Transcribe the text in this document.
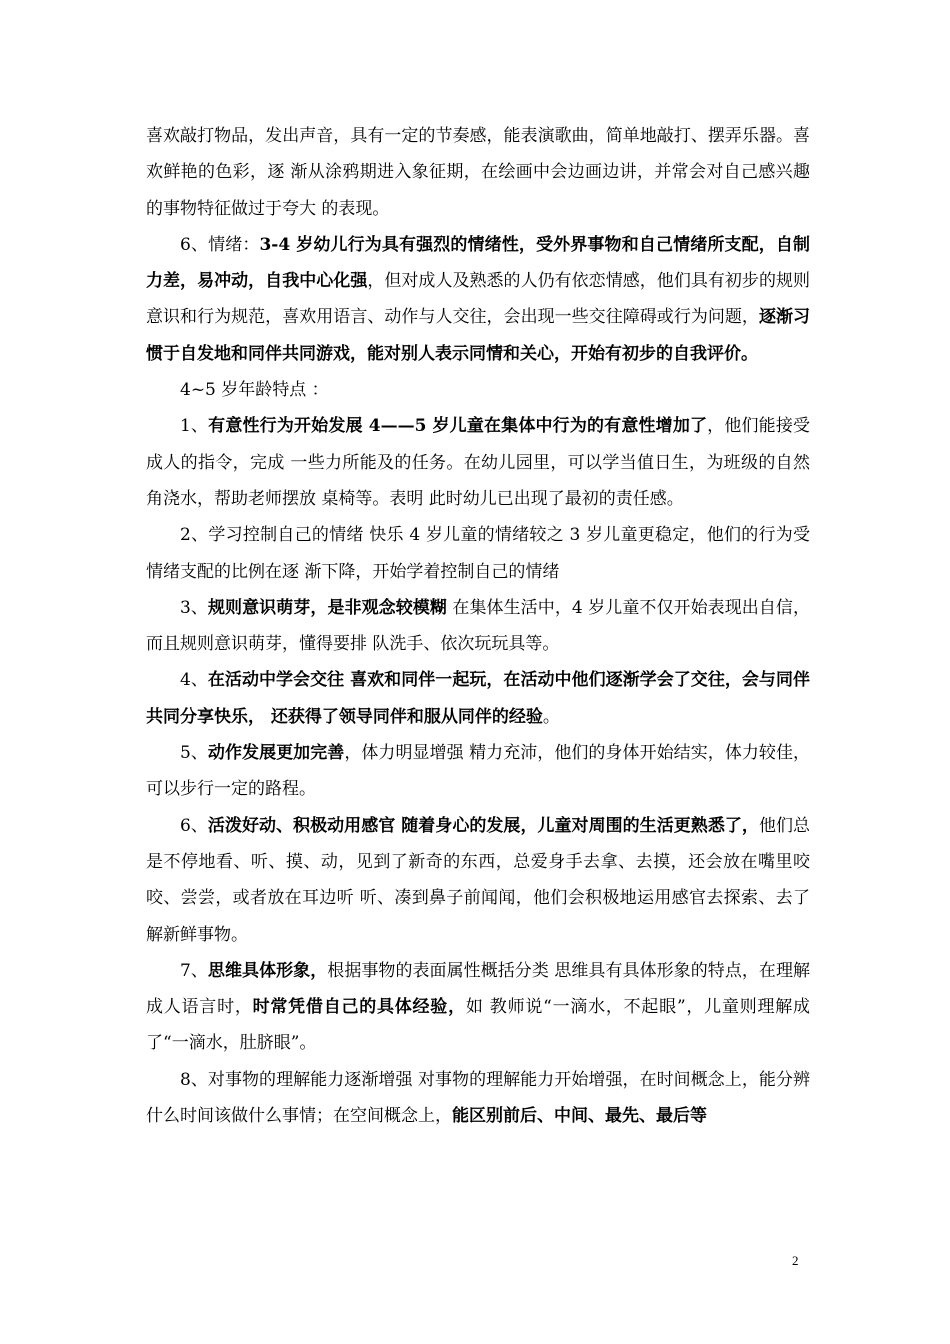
喜欢敲打物品，发出声音，具有一定的节奏感，能表演歌曲，简单地敲打、摆弄乐器。喜欢鲜艳的色彩，逐 渐从涂鸦期进入象征期，在绘画中会边画边讲，并常会对自己感兴趣的事物特征做过于夸大 的表现。

6、情绪：3-4 岁幼儿行为具有强烈的情绪性，受外界事物和自己情绪所支配，自制力差，易冲动，自我中心化强，但对成人及熟悉的人仍有依恋情感，他们具有初步的规则意识和行为规范，喜欢用语言、动作与人交往，会出现一些交往障碍或行为问题，逐渐习 惯于自发地和同伴共同游戏，能对别人表示同情和关心，开始有初步的自我评价。

4~5 岁年龄特点 ：

1、有意性行为开始发展 4——5 岁儿童在集体中行为的有意性增加了，他们能接受成人的指令，完成 一些力所能及的任务。在幼儿园里，可以学当值日生，为班级的自然角浇水，帮助老师摆放 桌椅等。表明 此时幼儿已出现了最初的责任感。

2、学习控制自己的情绪 快乐 4 岁儿童的情绪较之 3 岁儿童更稳定，他们的行为受情绪支配的比例在逐 渐下降，开始学着控制自己的情绪

3、规则意识萌芽，是非观念较模糊 在集体生活中，4 岁儿童不仅开始表现出自信，而且规则意识萌芽，懂得要排 队洗手、依次玩玩具等。

4、在活动中学会交往 喜欢和同伴一起玩，在活动中他们逐渐学会了交往，会与同伴共同分享快乐， 还获得了领导同伴和服从同伴的经验。

5、动作发展更加完善，体力明显增强 精力充沛，他们的身体开始结实，体力较佳，可以步行一定的路程。

6、活泼好动、积极动用感官 随着身心的发展，儿童对周围的生活更熟悉了，他们总是不停地看、听、摸、动，见到了新奇的东西，总爱身手去拿、去摸，还会放在嘴里咬咬、尝尝，或者放在耳边听 听、凑到鼻子前闻闻，他们会积极地运用感官去探索、去了解新鲜事物。

7、思维具体形象，根据事物的表面属性概括分类 思维具有具体形象的特点，在理解成人语言时，时常凭借自己的具体经验，如 教师说“一滴水，不起眼”，儿童则理解成了“一滴水，肚脐眼”。

8、对事物的理解能力逐渐增强 对事物的理解能力开始增强，在时间概念上，能分辨什么时间该做什么事情；在空间概念上，能区别前后、中间、最先、最后等

2
